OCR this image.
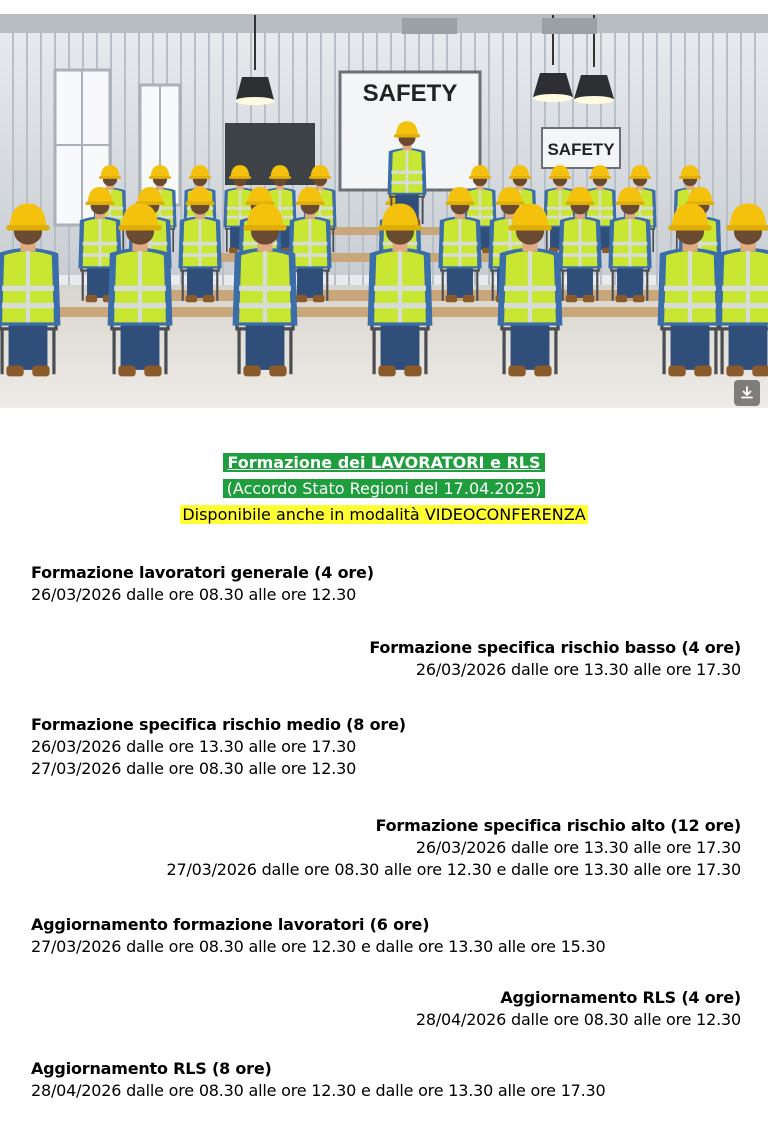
SAFETY
SAFETY
Formazione dei LAVORATORI e RLS
(Accordo Stato Regioni del 17.04.2025)
Disponibile anche in modalità VIDEOCONFERENZA
Formazione lavoratori generale (4 ore)
26/03/2026 dalle ore 08.30 alle ore 12.30
Formazione specifica rischio basso (4 ore)
26/03/2026 dalle ore 13.30 alle ore 17.30
Formazione specifica rischio medio (8 ore)
26/03/2026 dalle ore 13.30 alle ore 17.30
27/03/2026 dalle ore 08.30 alle ore 12.30
Formazione specifica rischio alto (12 ore)
26/03/2026 dalle ore 13.30 alle ore 17.30
27/03/2026 dalle ore 08.30 alle ore 12.30 e dalle ore 13.30 alle ore 17.30
Aggiornamento formazione lavoratori (6 ore)
27/03/2026 dalle ore 08.30 alle ore 12.30 e dalle ore 13.30 alle ore 15.30
Aggiornamento RLS (4 ore)
28/04/2026 dalle ore 08.30 alle ore 12.30
Aggiornamento RLS (8 ore)
28/04/2026 dalle ore 08.30 alle ore 12.30 e dalle ore 13.30 alle ore 17.30
